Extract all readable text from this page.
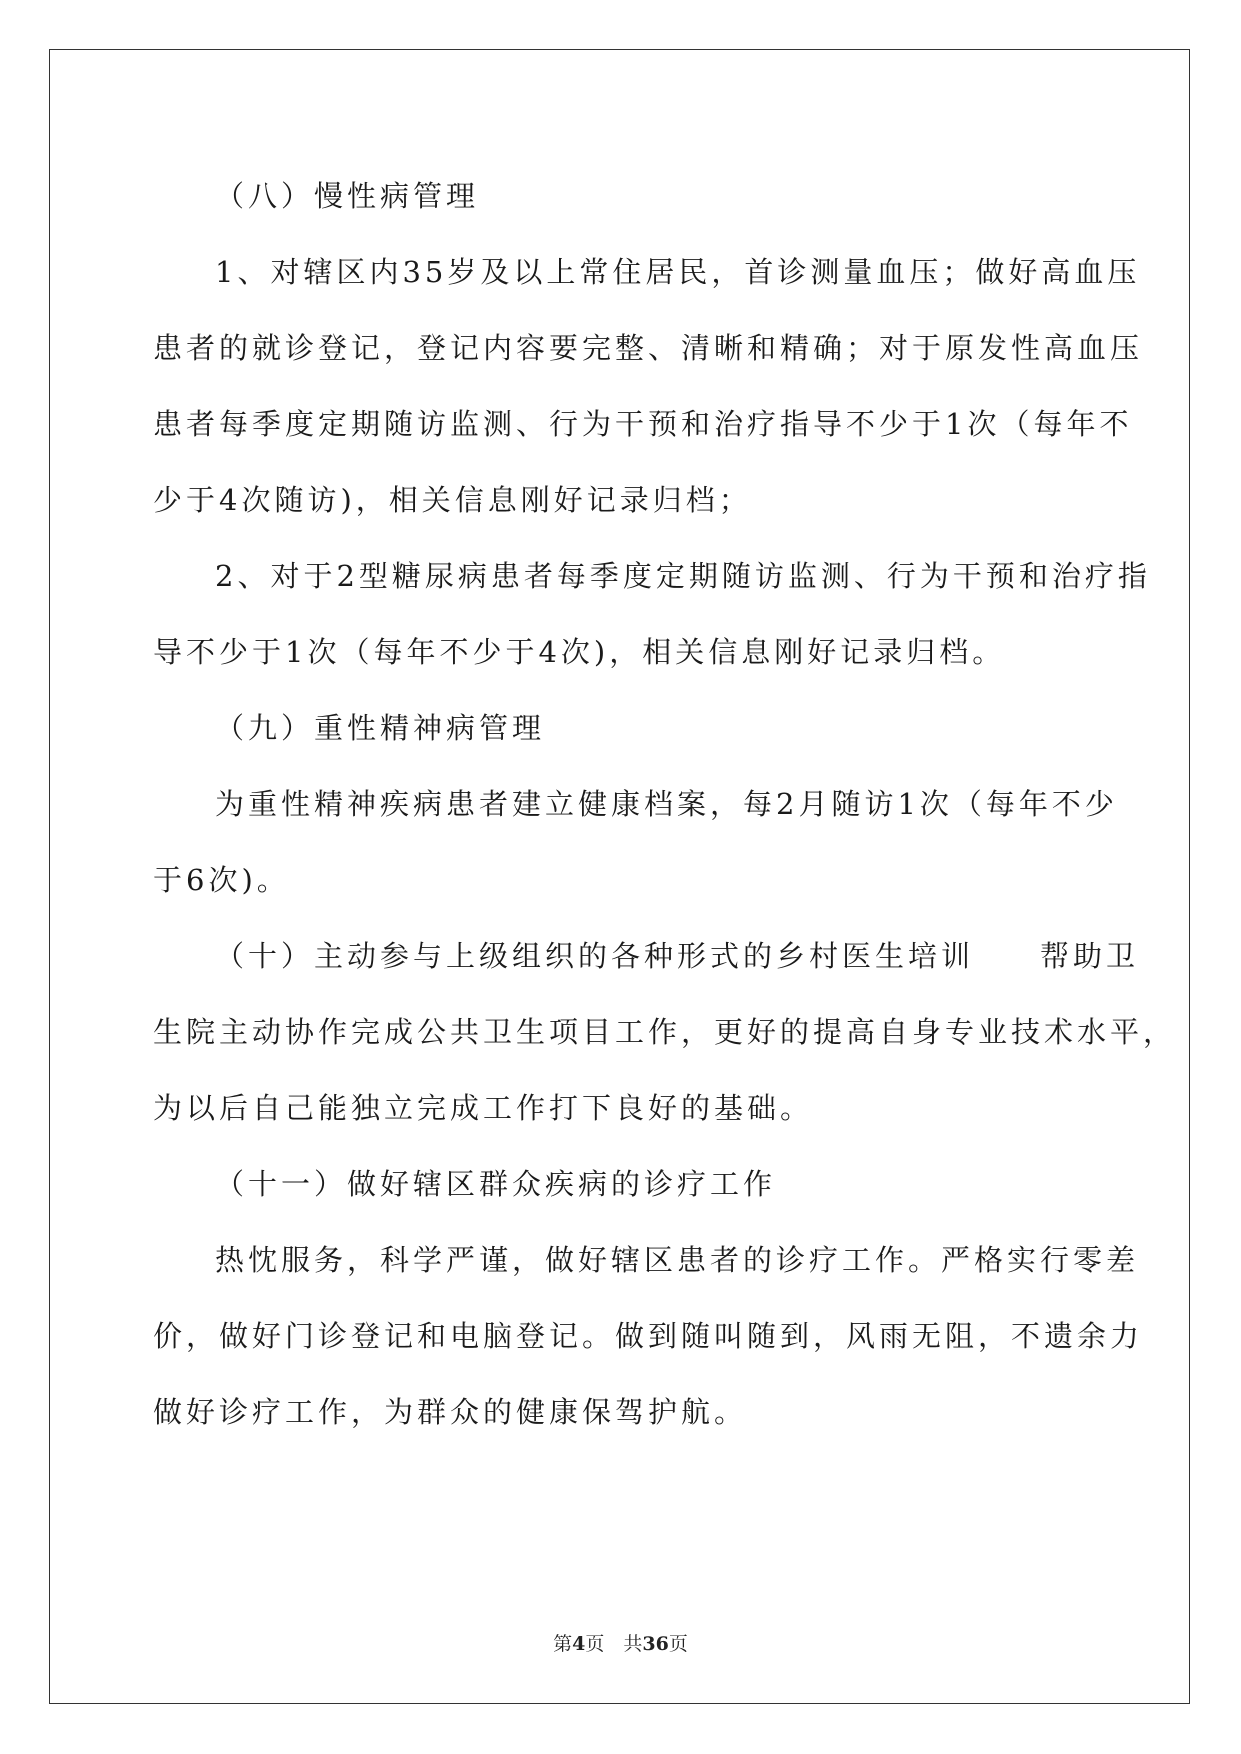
（八）慢性病管理

1、对辖区内35岁及以上常住居民，首诊测量血压；做好高血压

患者的就诊登记，登记内容要完整、清晰和精确；对于原发性高血压

患者每季度定期随访监测、行为干预和治疗指导不少于1次（每年不

少于4次随访)，相关信息刚好记录归档；

2、对于2型糖尿病患者每季度定期随访监测、行为干预和治疗指

导不少于1次（每年不少于4次)，相关信息刚好记录归档。

（九）重性精神病管理

为重性精神疾病患者建立健康档案，每2月随访1次（每年不少

于6次)。

（十）主动参与上级组织的各种形式的乡村医生培训　　帮助卫

生院主动协作完成公共卫生项目工作，更好的提高自身专业技术水平，

为以后自己能独立完成工作打下良好的基础。

（十一）做好辖区群众疾病的诊疗工作

热忱服务，科学严谨，做好辖区患者的诊疗工作。严格实行零差

价，做好门诊登记和电脑登记。做到随叫随到，风雨无阻，不遗余力

做好诊疗工作，为群众的健康保驾护航。

第4页　共36页
